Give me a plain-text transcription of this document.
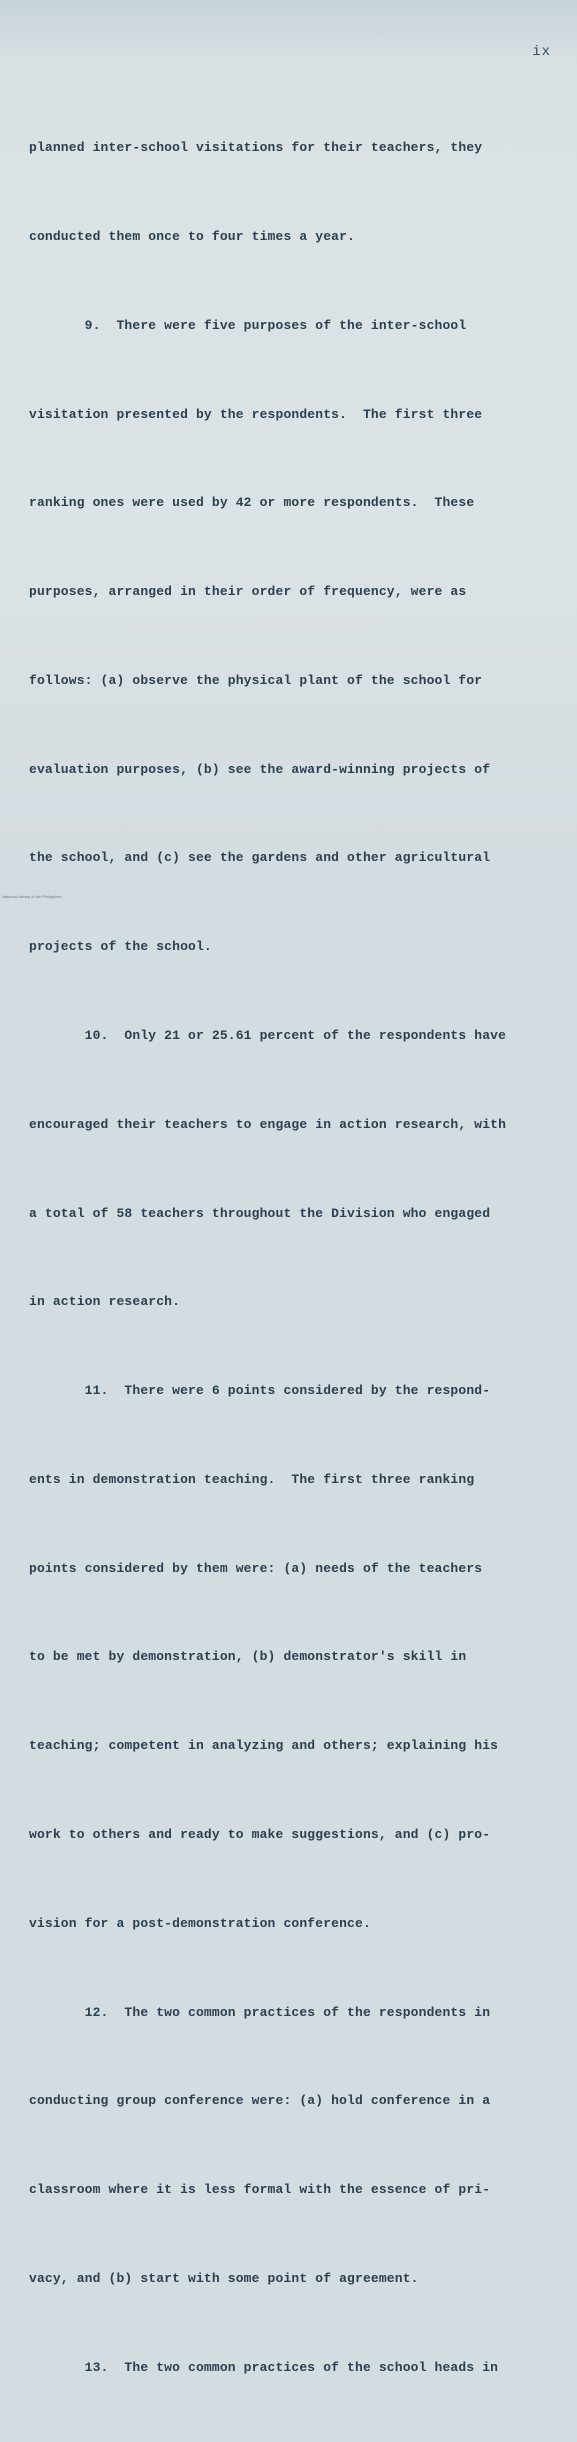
ix

planned inter-school visitations for their teachers, they

conducted them once to four times a year.

9.  There were five purposes of the inter-school

visitation presented by the respondents.  The first three

ranking ones were used by 42 or more respondents.  These

purposes, arranged in their order of frequency, were as

follows: (a) observe the physical plant of the school for

evaluation purposes, (b) see the award-winning projects of

the school, and (c) see the gardens and other agricultural

projects of the school.

10.  Only 21 or 25.61 percent of the respondents have

encouraged their teachers to engage in action research, with

a total of 58 teachers throughout the Division who engaged

in action research.

11.  There were 6 points considered by the respond-

ents in demonstration teaching.  The first three ranking

points considered by them were: (a) needs of the teachers

to be met by demonstration, (b) demonstrator's skill in

teaching; competent in analyzing and others; explaining his

work to others and ready to make suggestions, and (c) pro-

vision for a post-demonstration conference.

12.  The two common practices of the respondents in

conducting group conference were: (a) hold conference in a

classroom where it is less formal with the essence of pri-

vacy, and (b) start with some point of agreement.

13.  The two common practices of the school heads in

National Library of the Philippines
